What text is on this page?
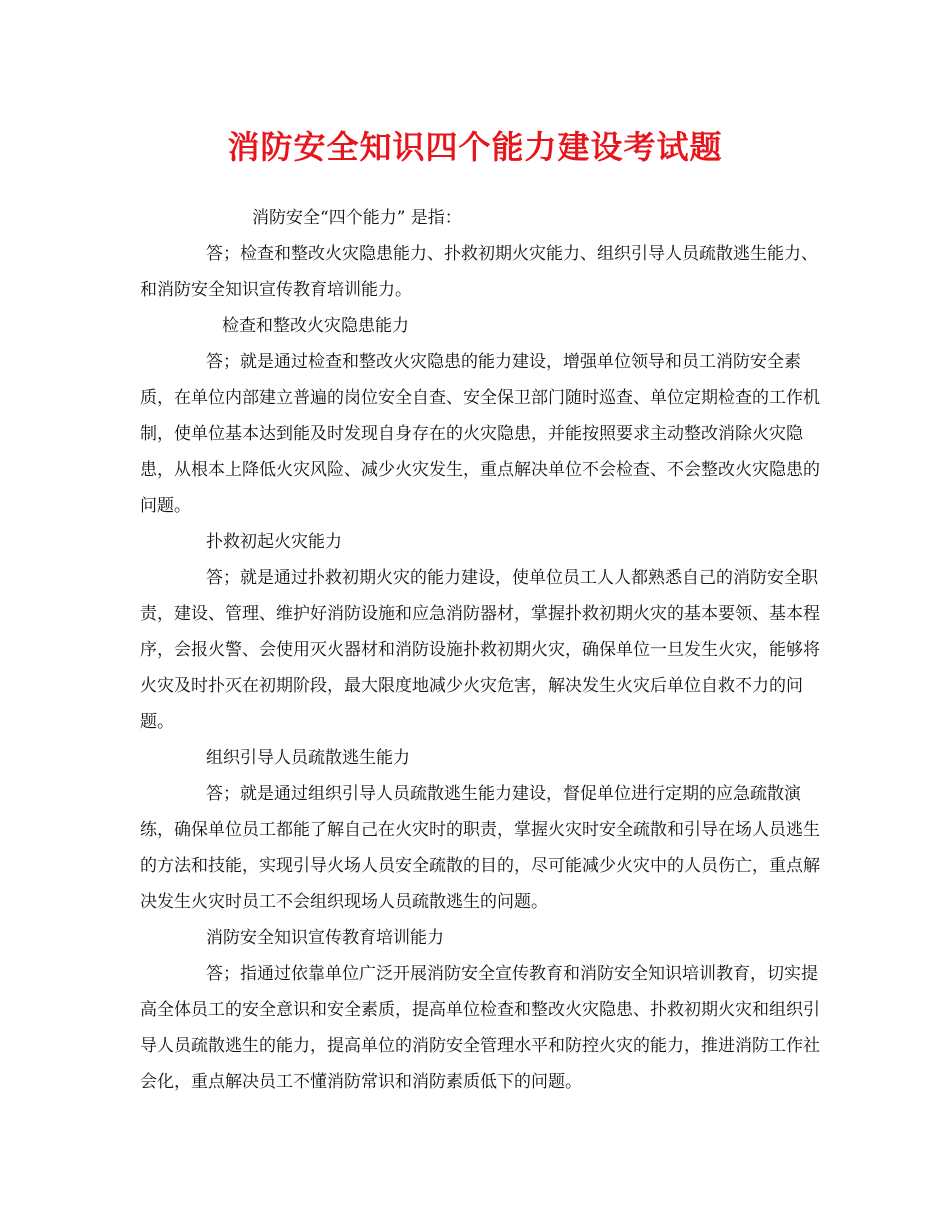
消防安全知识四个能力建设考试题

消防安全“四个能力” 是指：

答；检查和整改火灾隐患能力、扑救初期火灾能力、组织引导人员疏散逃生能力、和消防安全知识宣传教育培训能力。

检查和整改火灾隐患能力

答；就是通过检查和整改火灾隐患的能力建设，增强单位领导和员工消防安全素质，在单位内部建立普遍的岗位安全自查、安全保卫部门随时巡查、单位定期检查的工作机制，使单位基本达到能及时发现自身存在的火灾隐患，并能按照要求主动整改消除火灾隐患，从根本上降低火灾风险、减少火灾发生，重点解决单位不会检查、不会整改火灾隐患的问题。

扑救初起火灾能力

答；就是通过扑救初期火灾的能力建设，使单位员工人人都熟悉自己的消防安全职责，建设、管理、维护好消防设施和应急消防器材，掌握扑救初期火灾的基本要领、基本程序，会报火警、会使用灭火器材和消防设施扑救初期火灾，确保单位一旦发生火灾，能够将火灾及时扑灭在初期阶段，最大限度地减少火灾危害，解决发生火灾后单位自救不力的问题。

组织引导人员疏散逃生能力

答；就是通过组织引导人员疏散逃生能力建设，督促单位进行定期的应急疏散演练，确保单位员工都能了解自己在火灾时的职责，掌握火灾时安全疏散和引导在场人员逃生的方法和技能，实现引导火场人员安全疏散的目的，尽可能减少火灾中的人员伤亡，重点解决发生火灾时员工不会组织现场人员疏散逃生的问题。

消防安全知识宣传教育培训能力

答；指通过依靠单位广泛开展消防安全宣传教育和消防安全知识培训教育，切实提高全体员工的安全意识和安全素质，提高单位检查和整改火灾隐患、扑救初期火灾和组织引导人员疏散逃生的能力，提高单位的消防安全管理水平和防控火灾的能力，推进消防工作社会化，重点解决员工不懂消防常识和消防素质低下的问题。
